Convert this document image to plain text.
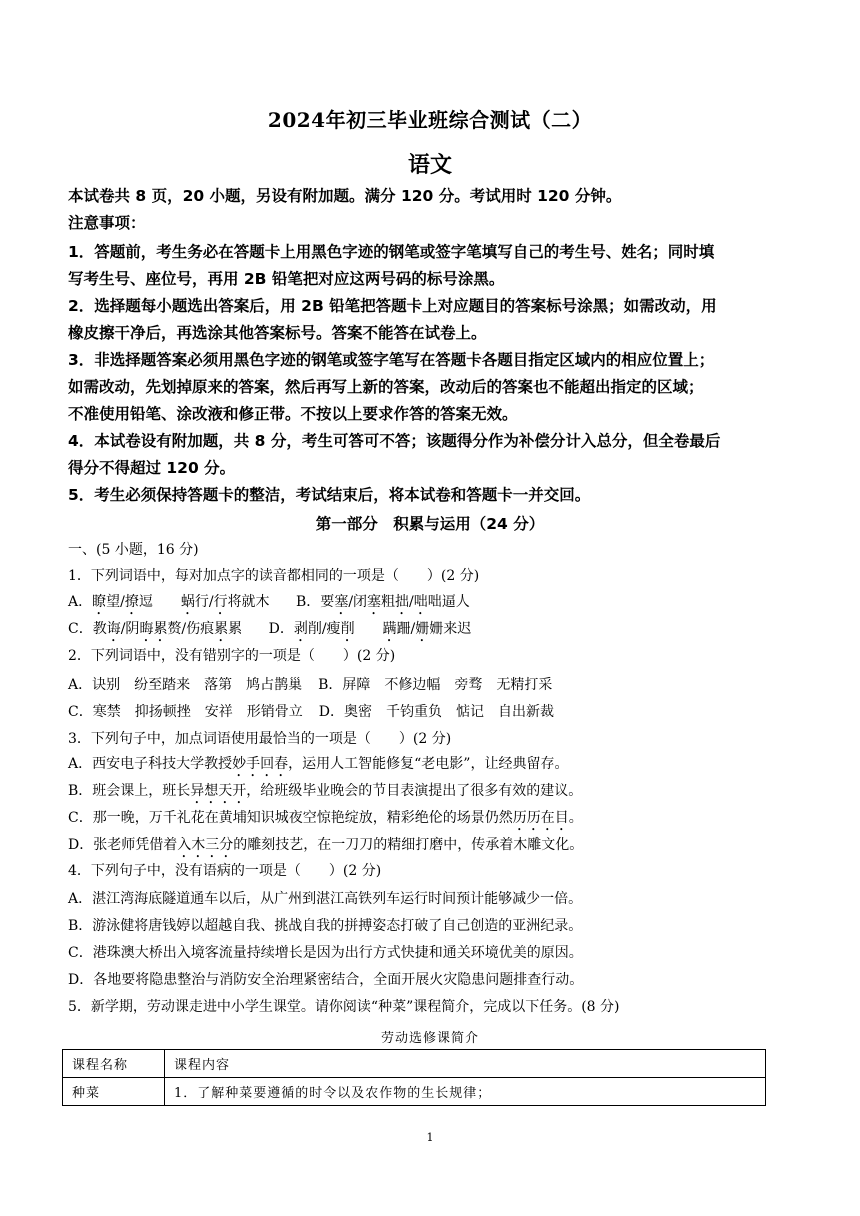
2024年初三毕业班综合测试（二）
语文
本试卷共 8 页，20 小题，另设有附加题。满分 120 分。考试用时 120 分钟。
注意事项：
1．答题前，考生务必在答题卡上用黑色字迹的钢笔或签字笔填写自己的考生号、姓名；同时填
写考生号、座位号，再用 2B 铅笔把对应这两号码的标号涂黑。
2．选择题每小题选出答案后，用 2B 铅笔把答题卡上对应题目的答案标号涂黑；如需改动，用
橡皮擦干净后，再选涂其他答案标号。答案不能答在试卷上。
3．非选择题答案必须用黑色字迹的钢笔或签字笔写在答题卡各题目指定区域内的相应位置上；
如需改动，先划掉原来的答案，然后再写上新的答案，改动后的答案也不能超出指定的区域；
不准使用铅笔、涂改液和修正带。不按以上要求作答的答案无效。
4．本试卷设有附加题，共 8 分，考生可答可不答；该题得分作为补偿分计入总分，但全卷最后
得分不得超过 120 分。
5．考生必须保持答题卡的整洁，考试结束后，将本试卷和答题卡一并交回。
第一部分　积累与运用（24 分）
一、(5 小题，16 分)
1．下列词语中，每对加点字的读音都相同的一项是（　　）(2 分)
A．瞭望/撩逗　　蜗行/行将就木 B．要塞/闭塞粗拙/咄咄逼人
C．教诲/阴晦累赘/伤痕累累 D．剥削/瘦削　　 蹒跚/姗姗来迟
2．下列词语中，没有错别字的一项是（　　）(2 分)
A．诀别　纷至踏来　落第　鸠占鹊巢 B．屏障　不修边幅　旁骛　无精打采
C．寒禁　抑扬顿挫　安祥　形销骨立 D．奥密　千钧重负　惦记　自出新裁
3．下列句子中，加点词语使用最恰当的一项是（　　）(2 分)
A．西安电子科技大学教授妙手回春，运用人工智能修复“老电影”，让经典留存。
B．班会课上，班长异想天开，给班级毕业晚会的节目表演提出了很多有效的建议。
C．那一晚，万千礼花在黄埔知识城夜空惊艳绽放，精彩绝伦的场景仍然历历在目。
D．张老师凭借着入木三分的雕刻技艺，在一刀刀的精细打磨中，传承着木雕文化。
4．下列句子中，没有语病的一项是（　　）(2 分)
A．湛江湾海底隧道通车以后，从广州到湛江高铁列车运行时间预计能够减少一倍。
B．游泳健将唐钱婷以超越自我、挑战自我的拼搏姿态打破了自己创造的亚洲纪录。
C．港珠澳大桥出入境客流量持续增长是因为出行方式快捷和通关环境优美的原因。
D．各地要将隐患整治与消防安全治理紧密结合，全面开展火灾隐患问题排查行动。
5．新学期，劳动课走进中小学生课堂。请你阅读“种菜”课程简介，完成以下任务。(8 分)
劳动选修课简介
课程名称	课程内容
种菜	1．了解种菜要遵循的时令以及农作物的生长规律；
1
